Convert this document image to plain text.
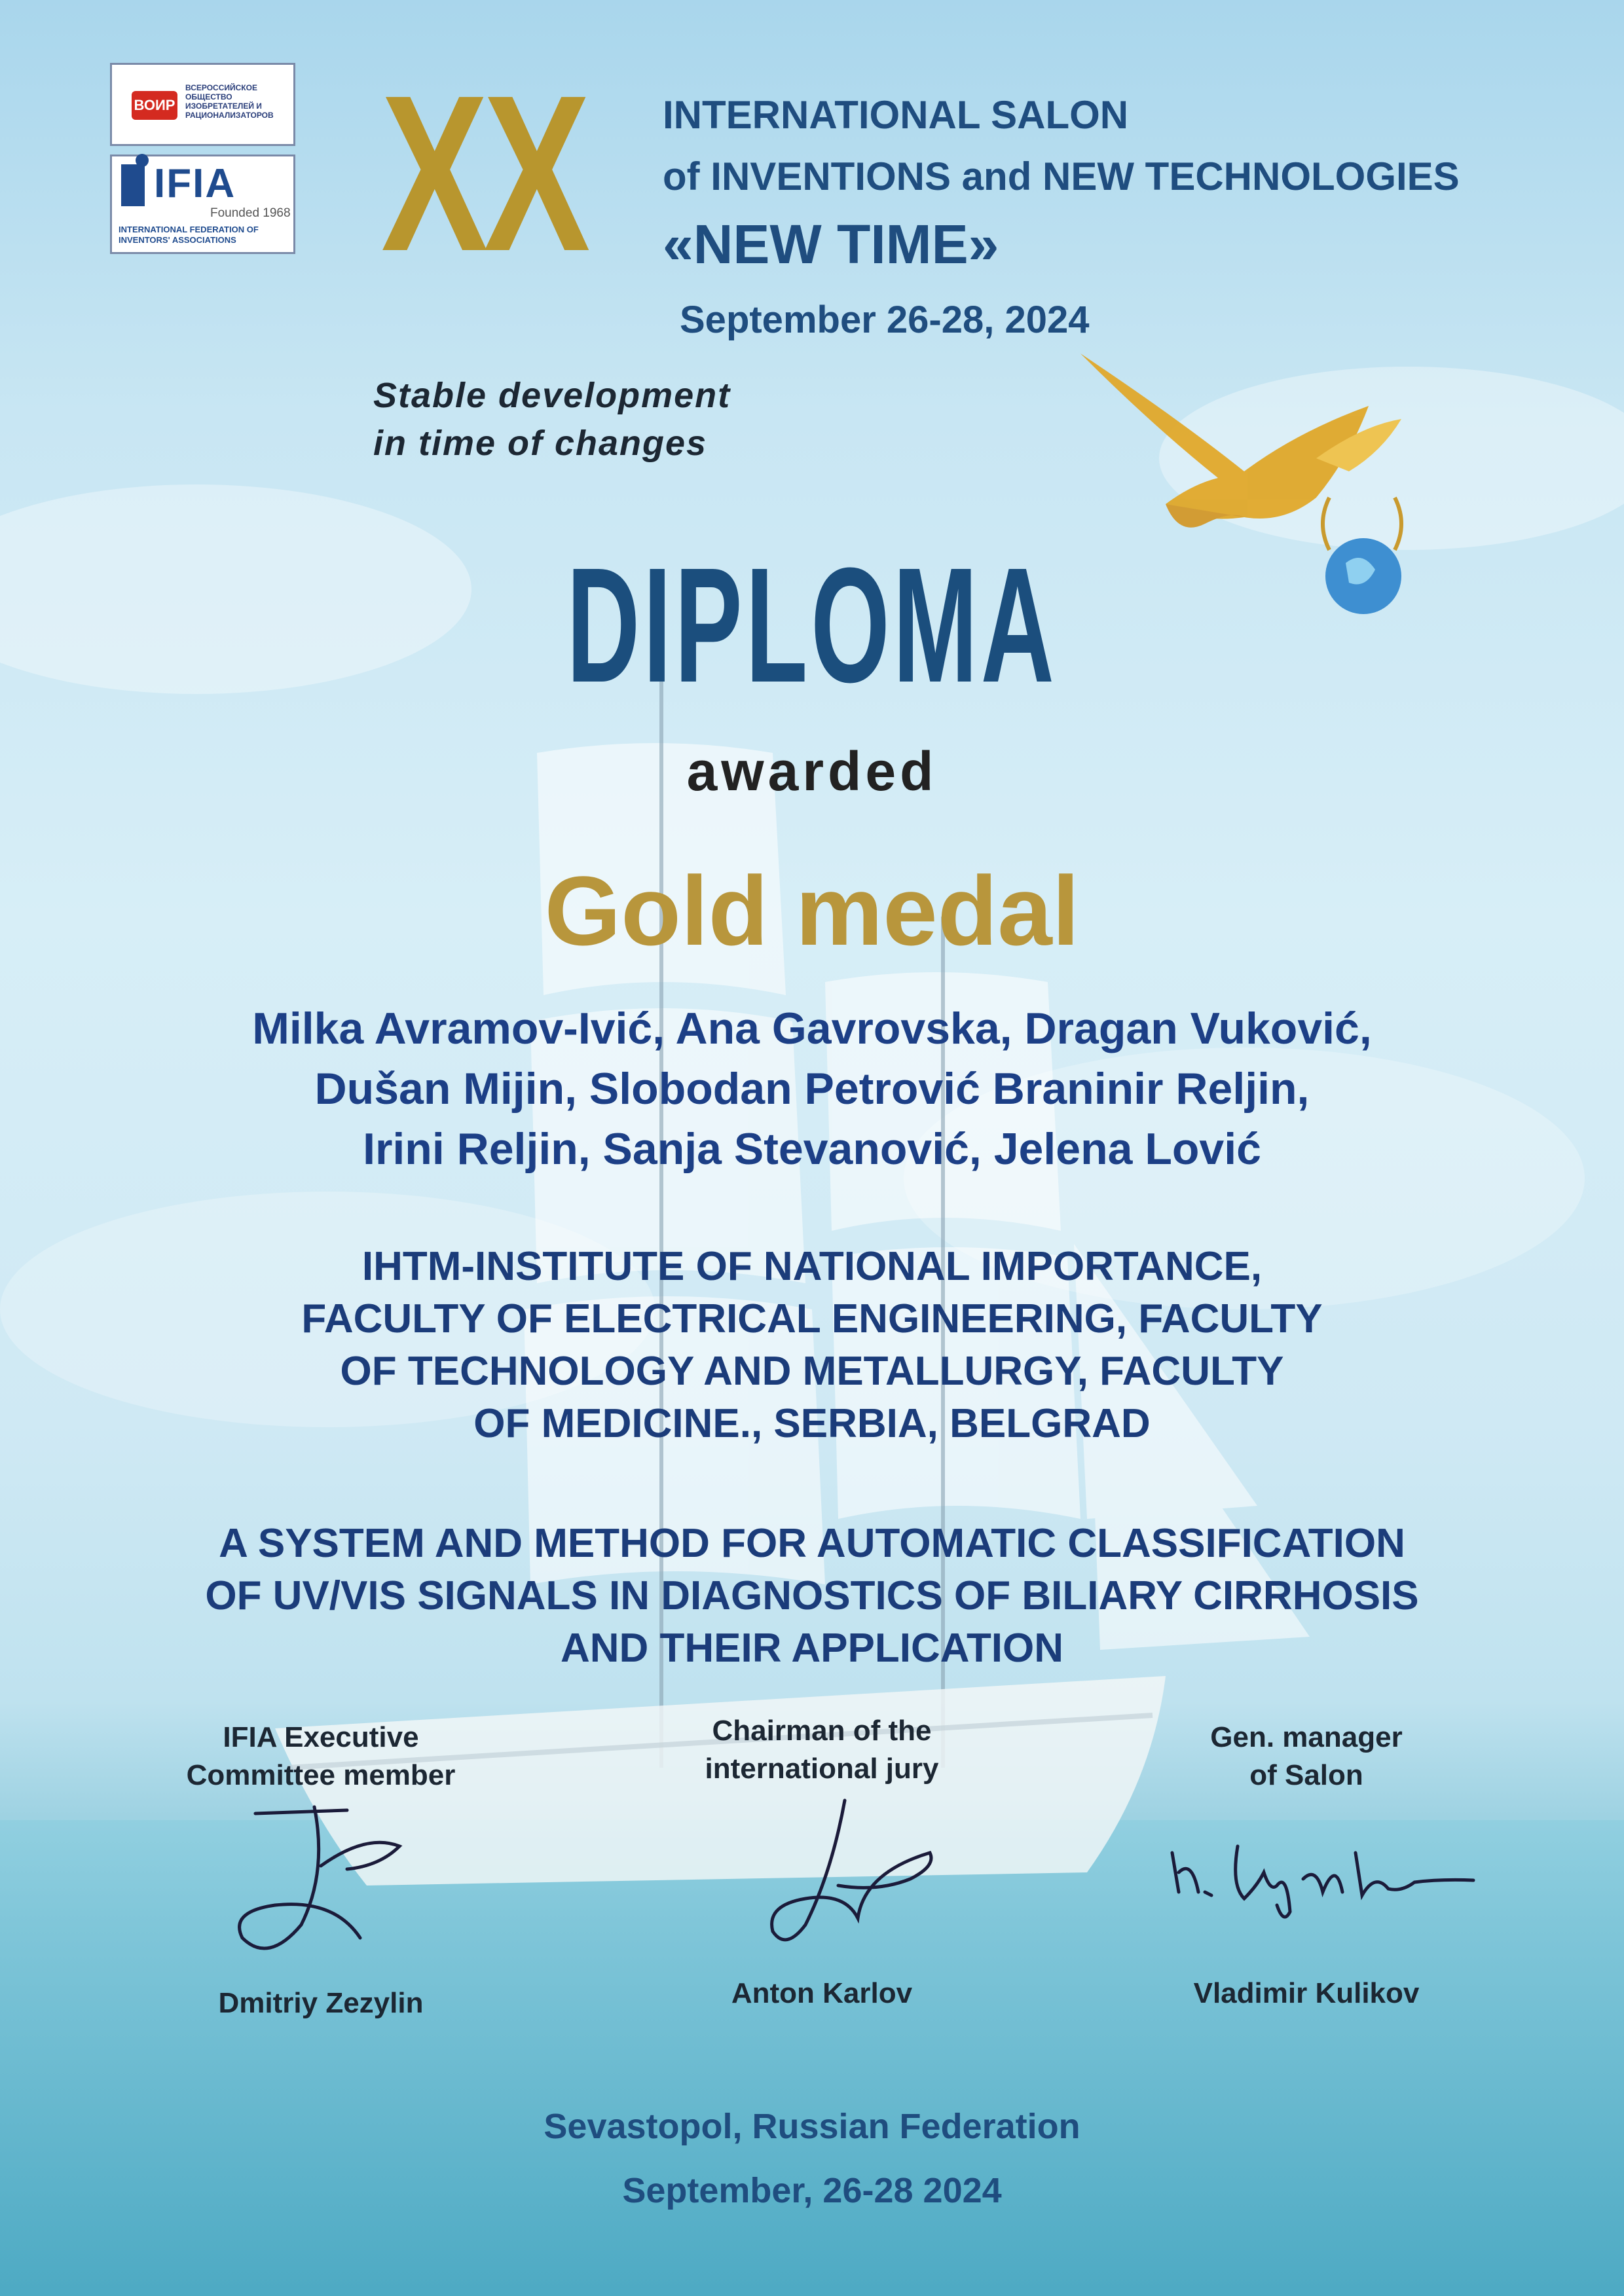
ВОИР
ВСЕРОССИЙСКОЕ ОБЩЕСТВО ИЗОБРЕТАТЕЛЕЙ И РАЦИОНАЛИЗАТОРОВ
IFIA
Founded 1968
INTERNATIONAL FEDERATION OF INVENTORS' ASSOCIATIONS XX INTERNATIONAL SALON
of INVENTIONS and NEW TECHNOLOGIES
«NEW TIME»
September 26-28, 2024
Stable development
in time of changes
DIPLOMA
awarded
Gold medal
Milka Avramov-Ivić, Ana Gavrovska, Dragan Vuković,
Dušan Mijin, Slobodan Petrović Braninir Reljin,
Irini Reljin, Sanja Stevanović, Jelena Lović
IHTM-INSTITUTE OF NATIONAL IMPORTANCE,
FACULTY OF ELECTRICAL ENGINEERING, FACULTY
OF TECHNOLOGY AND METALLURGY, FACULTY
OF MEDICINE., SERBIA, BELGRAD
A SYSTEM AND METHOD FOR AUTOMATIC CLASSIFICATION
OF UV/VIS SIGNALS IN DIAGNOSTICS OF BILIARY CIRRHOSIS
AND THEIR APPLICATION
IFIA Executive
Committee member
Dmitriy Zezylin
Chairman of the
international jury
Anton Karlov
Gen. manager
of Salon
Vladimir Kulikov
Sevastopol, Russian Federation
September, 26-28 2024
